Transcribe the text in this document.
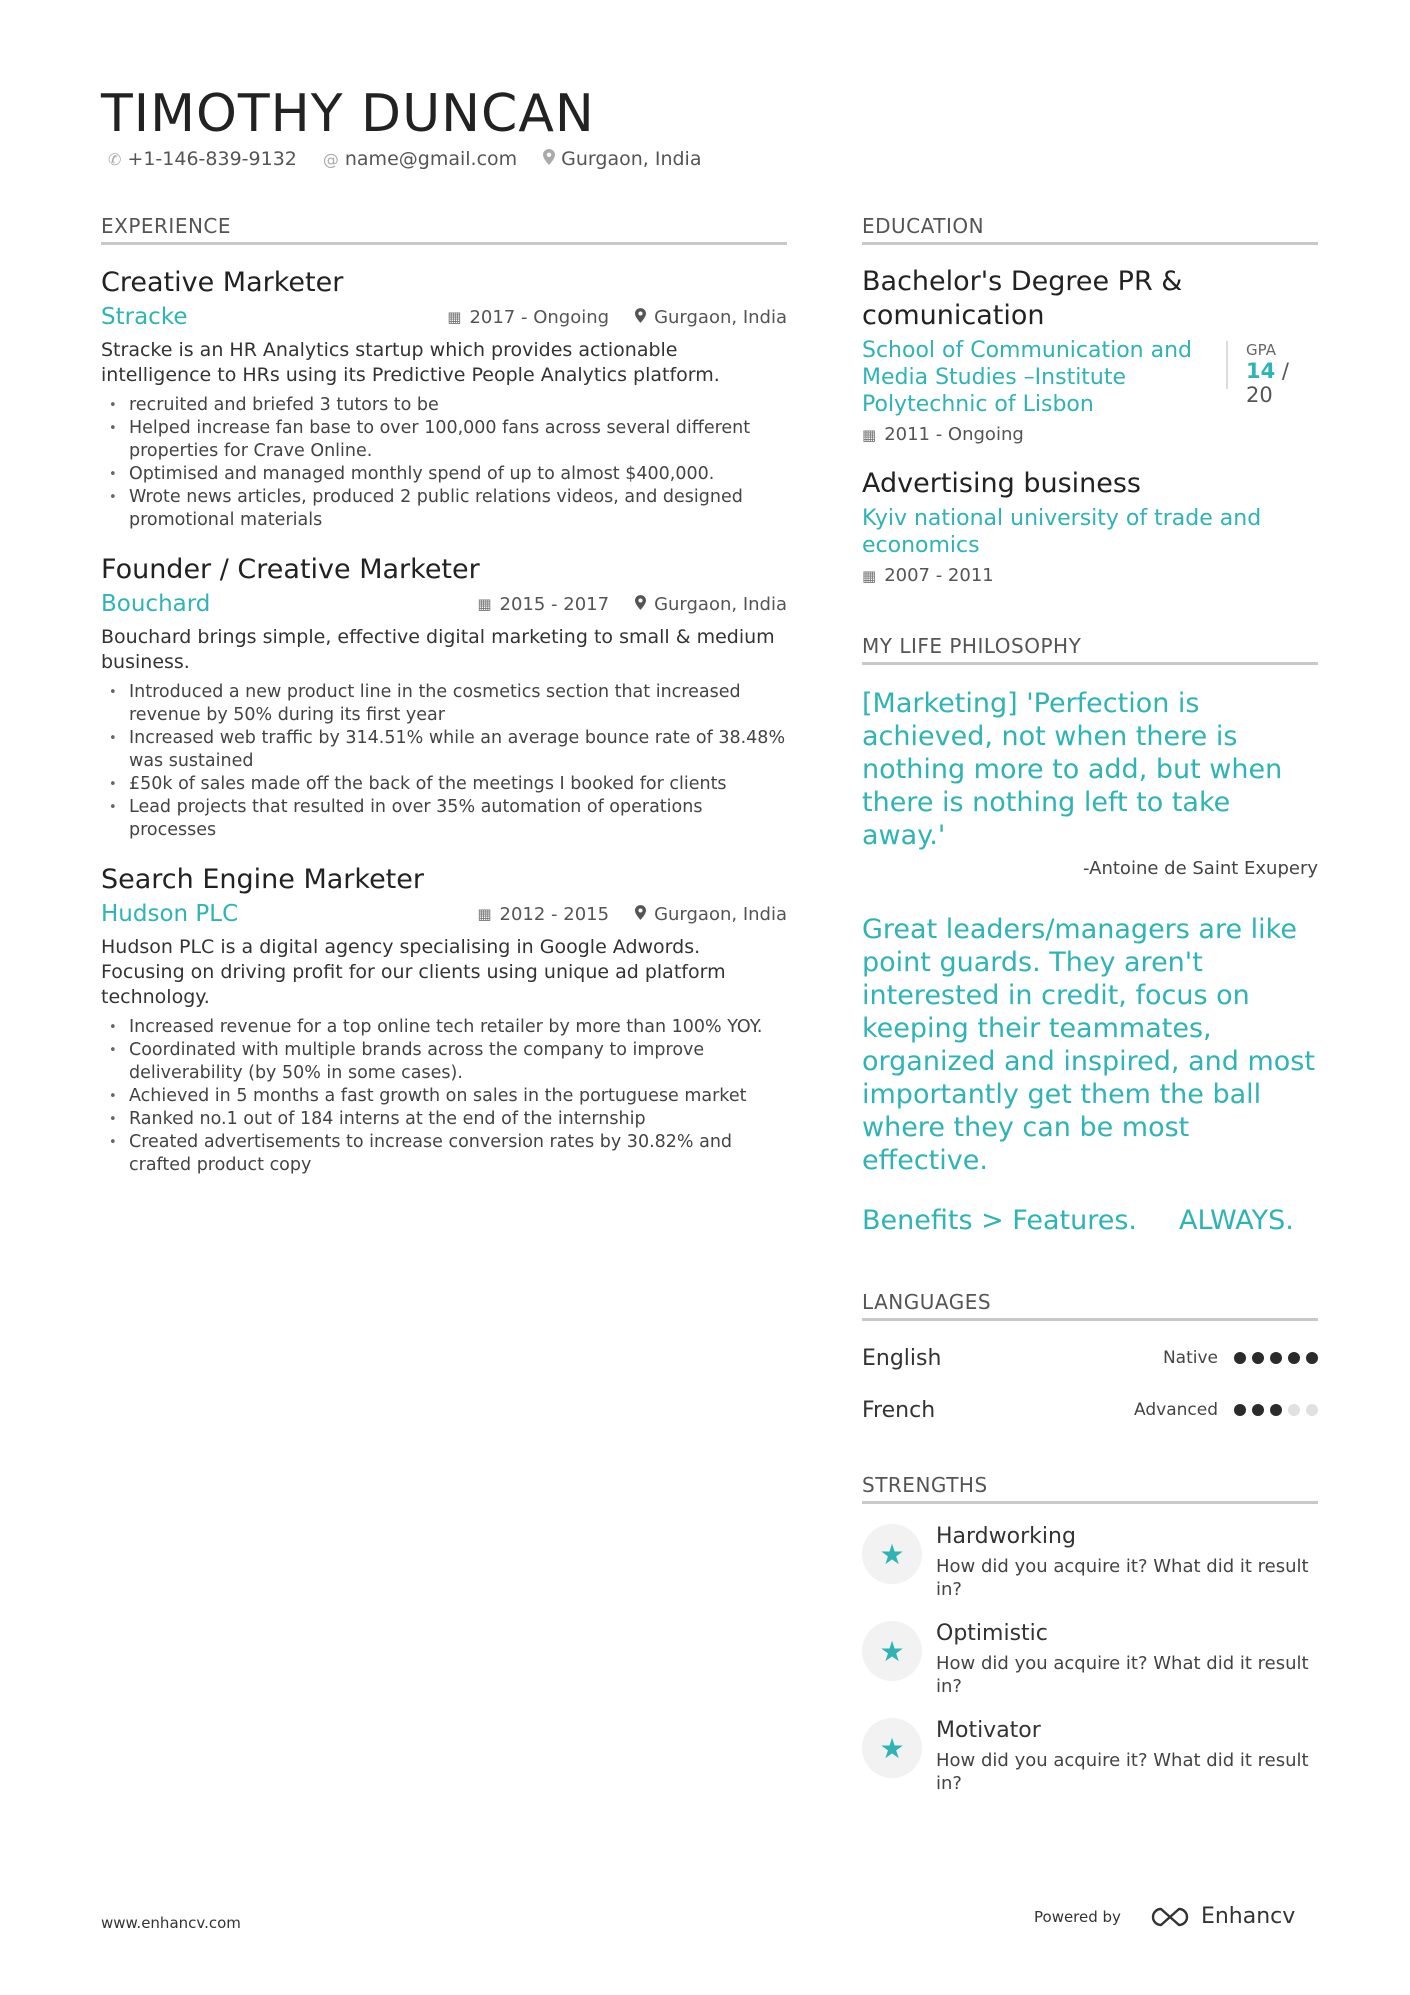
TIMOTHY DUNCAN
✆ +1-146-839-9132 @ name@gmail.com Gurgaon, India
EXPERIENCE
Creative Marketer
Stracke	▦ 2017 - Ongoing	Gurgaon, India
Stracke is an HR Analytics startup which provides actionable intelligence to HRs using its Predictive People Analytics platform.
• recruited and briefed 3 tutors to be
• Helped increase fan base to over 100,000 fans across several different properties for Crave Online.
• Optimised and managed monthly spend of up to almost $400,000.
• Wrote news articles, produced 2 public relations videos, and designed promotional materials
Founder / Creative Marketer
Bouchard	▦ 2015 - 2017	Gurgaon, India
Bouchard brings simple, effective digital marketing to small & medium business.
• Introduced a new product line in the cosmetics section that increased revenue by 50% during its first year
• Increased web traffic by 314.51% while an average bounce rate of 38.48% was sustained
• £50k of sales made off the back of the meetings I booked for clients
• Lead projects that resulted in over 35% automation of operations processes
Search Engine Marketer
Hudson PLC	▦ 2012 - 2015	Gurgaon, India
Hudson PLC is a digital agency specialising in Google Adwords. Focusing on driving profit for our clients using unique ad platform technology.
• Increased revenue for a top online tech retailer by more than 100% YOY.
• Coordinated with multiple brands across the company to improve deliverability (by 50% in some cases).
• Achieved in 5 months a fast growth on sales in the portuguese market
• Ranked no.1 out of 184 interns at the end of the internship
• Created advertisements to increase conversion rates by 30.82% and crafted product copy
EDUCATION
Bachelor's Degree PR & comunication
School of Communication and Media Studies –Institute Polytechnic of Lisbon
GPA
14 / 20
▦ 2011 - Ongoing
Advertising business
Kyiv national university of trade and economics
▦ 2007 - 2011
MY LIFE PHILOSOPHY
[Marketing] 'Perfection is achieved, not when there is nothing more to add, but when there is nothing left to take away.'
-Antoine de Saint Exupery
Great leaders/managers are like point guards. They aren't interested in credit, focus on keeping their teammates, organized and inspired, and most importantly get them the ball where they can be most effective.
Benefits > Features. ALWAYS.
LANGUAGES
English	Native
French	Advanced
STRENGTHS
★
Hardworking
How did you acquire it? What did it result in?
★
Optimistic
How did you acquire it? What did it result in?
★
Motivator
How did you acquire it? What did it result in?
www.enhancv.com	Powered by	Enhancv
